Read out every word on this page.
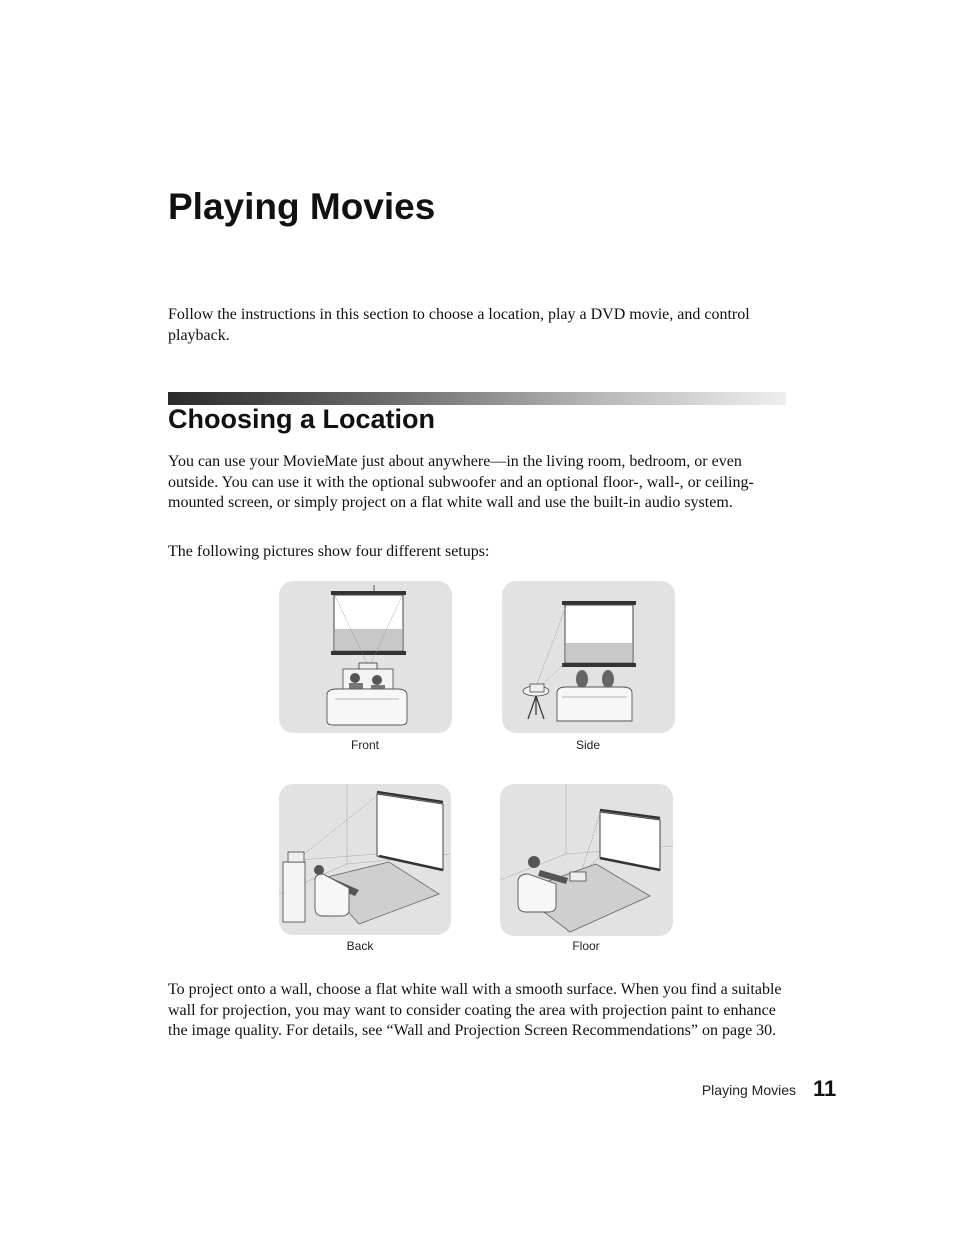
Playing Movies

Follow the instructions in this section to choose a location, play a DVD movie, and control playback.

Choosing a Location

You can use your MovieMate just about anywhere—in the living room, bedroom, or even outside. You can use it with the optional subwoofer and an optional floor-, wall-, or ceiling-mounted screen, or simply project on a flat white wall and use the built-in audio system.

The following pictures show four different setups:

Front	Side
Back	Floor

To project onto a wall, choose a flat white wall with a smooth surface. When you find a suitable wall for projection, you may want to consider coating the area with projection paint to enhance the image quality. For details, see “Wall and Projection Screen Recommendations” on page 30.

Playing Movies 11
